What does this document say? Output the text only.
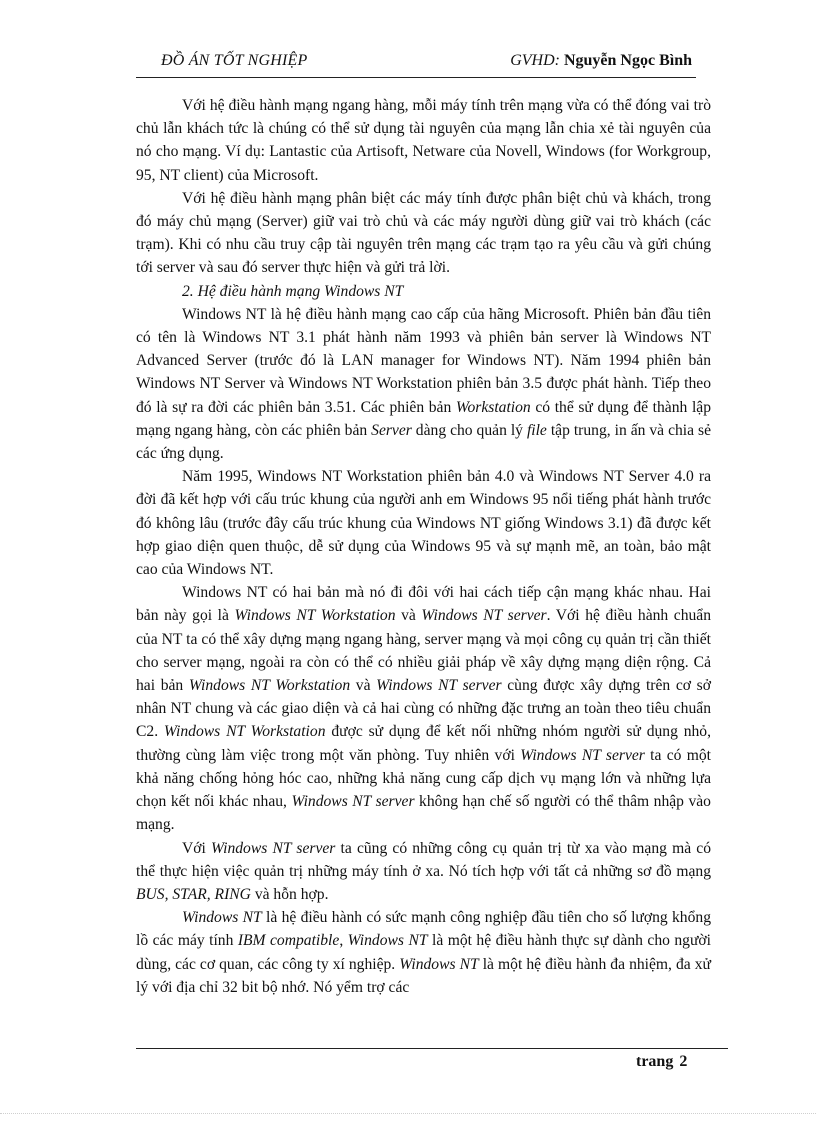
ĐỒ ÁN TỐT NGHIỆP	GVHD: Nguyễn Ngọc Bình

Với hệ điều hành mạng ngang hàng, mỗi máy tính trên mạng vừa có thể đóng vai trò chủ lẫn khách tức là chúng có thể sử dụng tài nguyên của mạng lẫn chia xẻ tài nguyên của nó cho mạng. Ví dụ: Lantastic của Artisoft, Netware của Novell, Windows (for Workgroup, 95, NT client) của Microsoft.

Với hệ điều hành mạng phân biệt các máy tính được phân biệt chủ và khách, trong đó máy chủ mạng (Server) giữ vai trò chủ và các máy người dùng giữ vai trò khách (các trạm). Khi có nhu cầu truy cập tài nguyên trên mạng các trạm tạo ra yêu cầu và gửi chúng tới server và sau đó server thực hiện và gửi trả lời.

2. Hệ điều hành mạng Windows NT

Windows NT là hệ điều hành mạng cao cấp của hãng Microsoft. Phiên bản đầu tiên có tên là Windows NT 3.1 phát hành năm 1993 và phiên bản server là Windows NT Advanced Server (trước đó là LAN manager for Windows NT). Năm 1994 phiên bản Windows NT Server và Windows NT Workstation phiên bản 3.5 được phát hành. Tiếp theo đó là sự ra đời các phiên bản 3.51. Các phiên bản Workstation có thể sử dụng để thành lập mạng ngang hàng, còn các phiên bản Server dàng cho quản lý file tập trung, in ấn và chia sẻ các ứng dụng.

Năm 1995, Windows NT Workstation phiên bản 4.0 và Windows NT Server 4.0 ra đời đã kết hợp với cấu trúc khung của người anh em Windows 95 nổi tiếng phát hành trước đó không lâu (trước đây cấu trúc khung của Windows NT giống Windows 3.1) đã được kết hợp giao diện quen thuộc, dễ sử dụng của Windows 95 và sự mạnh mẽ, an toàn, bảo mật cao của Windows NT.

Windows NT có hai bản mà nó đi đôi với hai cách tiếp cận mạng khác nhau. Hai bản này gọi là Windows NT Workstation và Windows NT server. Với hệ điều hành chuẩn của NT ta có thể xây dựng mạng ngang hàng, server mạng và mọi công cụ quản trị cần thiết cho server mạng, ngoài ra còn có thể có nhiều giải pháp về xây dựng mạng diện rộng. Cả hai bản Windows NT Workstation và Windows NT server cùng được xây dựng trên cơ sở nhân NT chung và các giao diện và cả hai cùng có những đặc trưng an toàn theo tiêu chuẩn C2. Windows NT Workstation được sử dụng để kết nối những nhóm người sử dụng nhỏ, thường cùng làm việc trong một văn phòng. Tuy nhiên với Windows NT server ta có một khả năng chống hỏng hóc cao, những khả năng cung cấp dịch vụ mạng lớn và những lựa chọn kết nối khác nhau, Windows NT server không hạn chế số người có thể thâm nhập vào mạng.

Với Windows NT server ta cũng có những công cụ quản trị từ xa vào mạng mà có thể thực hiện việc quản trị những máy tính ở xa. Nó tích hợp với tất cả những sơ đồ mạng BUS, STAR, RING và hỗn hợp.

Windows NT là hệ điều hành có sức mạnh công nghiệp đầu tiên cho số lượng khổng lồ các máy tính IBM compatible, Windows NT là một hệ điều hành thực sự dành cho người dùng, các cơ quan, các công ty xí nghiệp. Windows NT là một hệ điều hành đa nhiệm, đa xử lý với địa chỉ 32 bit bộ nhớ. Nó yểm trợ các

trang 2
